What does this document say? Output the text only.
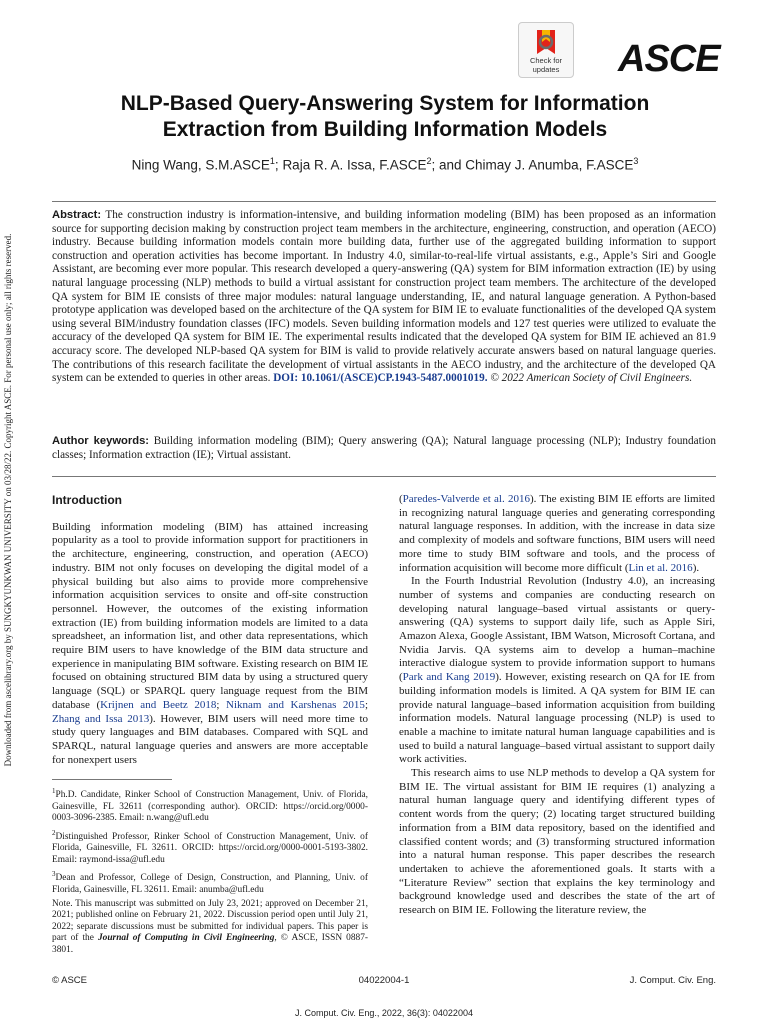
Downloaded from ascelibrary.org by SUNGKYUNKWAN UNIVERSITY on 03/28/22. Copyright ASCE. For personal use only; all rights reserved.
Check for
updates	ASCE
NLP-Based Query-Answering System for Information
Extraction from Building Information Models
Ning Wang, S.M.ASCE$^1$; Raja R. A. Issa, F.ASCE$^2$; and Chimay J. Anumba, F.ASCE$^3$
Abstract: The construction industry is information-intensive, and building information modeling (BIM) has been proposed as an information source for supporting decision making by construction project team members in the architecture, engineering, construction, and operation (AECO) industry. Because building information models contain more building data, further use of the aggregated building information to support construction and operation activities has become important. In Industry 4.0, similar-to-real-life virtual assistants, e.g., Apple’s Siri and Google Assistant, are becoming ever more popular. This research developed a query-answering (QA) system for BIM information extraction (IE) by using natural language processing (NLP) methods to build a virtual assistant for construction project team members. The architecture of the developed QA system for BIM IE consists of three major modules: natural language understanding, IE, and natural language generation. A Python-based prototype application was developed based on the architecture of the QA system for BIM IE to evaluate functionalities of the developed QA system using several BIM/industry foundation classes (IFC) models. Seven building information models and 127 test queries were utilized to evaluate the accuracy of the developed QA system for BIM IE. The experimental results indicated that the developed QA system for BIM IE achieved an 81.9 accuracy score. The developed NLP-based QA system for BIM is valid to provide relatively accurate answers based on natural language queries. The contributions of this research facilitate the development of virtual assistants in the AECO industry, and the architecture of the developed QA system can be extended to queries in other areas. DOI: 10.1061/(ASCE)CP.1943-5487.0001019. © 2022 American Society of Civil Engineers.
Author keywords: Building information modeling (BIM); Query answering (QA); Natural language processing (NLP); Industry foundation classes; Information extraction (IE); Virtual assistant.
Introduction

Building information modeling (BIM) has attained increasing popularity as a tool to provide information support for practitioners in the architecture, engineering, construction, and operation (AECO) industry. BIM not only focuses on developing the digital model of a physical building but also aims to provide more comprehensive information acquisition services to onsite and off-site construction personnel. However, the outcomes of the existing information extraction (IE) from building information models are limited to a data spreadsheet, an information list, and other data representations, which require BIM users to have knowledge of the BIM data structure and experience in manipulating BIM software. Existing research on BIM IE focused on obtaining structured BIM data by using a structured query language (SQL) or SPARQL query language request from the BIM database (Krijnen and Beetz 2018; Niknam and Karshenas 2015; Zhang and Issa 2013). However, BIM users will need more time to study query languages and BIM databases. Compared with SQL and SPARQL, natural language queries and answers are more acceptable for nonexpert users

$^1$Ph.D. Candidate, Rinker School of Construction Management, Univ. of Florida, Gainesville, FL 32611 (corresponding author). ORCID: https://orcid.org/0000-0003-3096-2385. Email: n.wang@ufl.edu
$^2$Distinguished Professor, Rinker School of Construction Management, Univ. of Florida, Gainesville, FL 32611. ORCID: https://orcid.org/0000-0001-5193-3802. Email: raymond-issa@ufl.edu
$^3$Dean and Professor, College of Design, Construction, and Planning, Univ. of Florida, Gainesville, FL 32611. Email: anumba@ufl.edu
Note. This manuscript was submitted on July 23, 2021; approved on December 21, 2021; published online on February 21, 2022. Discussion period open until July 21, 2022; separate discussions must be submitted for individual papers. This paper is part of the Journal of Computing in Civil Engineering, © ASCE, ISSN 0887-3801.

(Paredes-Valverde et al. 2016). The existing BIM IE efforts are limited in recognizing natural language queries and generating corresponding natural language responses. In addition, with the increase in data size and complexity of models and software functions, BIM users will need more time to study BIM software and tools, and the process of information acquisition will become more difficult (Lin et al. 2016).

In the Fourth Industrial Revolution (Industry 4.0), an increasing number of systems and companies are conducting research on developing natural language–based virtual assistants or query-answering (QA) systems to support daily life, such as Apple Siri, Amazon Alexa, Google Assistant, IBM Watson, Microsoft Cortana, and Nvidia Jarvis. QA systems aim to develop a human–machine interactive dialogue system to provide information support to humans (Park and Kang 2019). However, existing research on QA for IE from building information models is limited. A QA system for BIM IE can provide natural language–based information acquisition from building information models. Natural language processing (NLP) is used to enable a machine to imitate natural human language capabilities and is used to build a natural language–based virtual assistant to support daily work activities.

This research aims to use NLP methods to develop a QA system for BIM IE. The virtual assistant for BIM IE requires (1) analyzing a natural human language query and identifying different types of content words from the query; (2) locating target structured building information from a BIM data repository, based on the identified and classified content words; and (3) transforming structured information into a natural human response. This paper describes the research undertaken to achieve the aforementioned goals. It starts with a “Literature Review” section that explains the key terminology and background knowledge used and describes the state of the art of research on BIM IE. Following the literature review, the

© ASCE	04022004-1	J. Comput. Civ. Eng.
J. Comput. Civ. Eng., 2022, 36(3): 04022004
